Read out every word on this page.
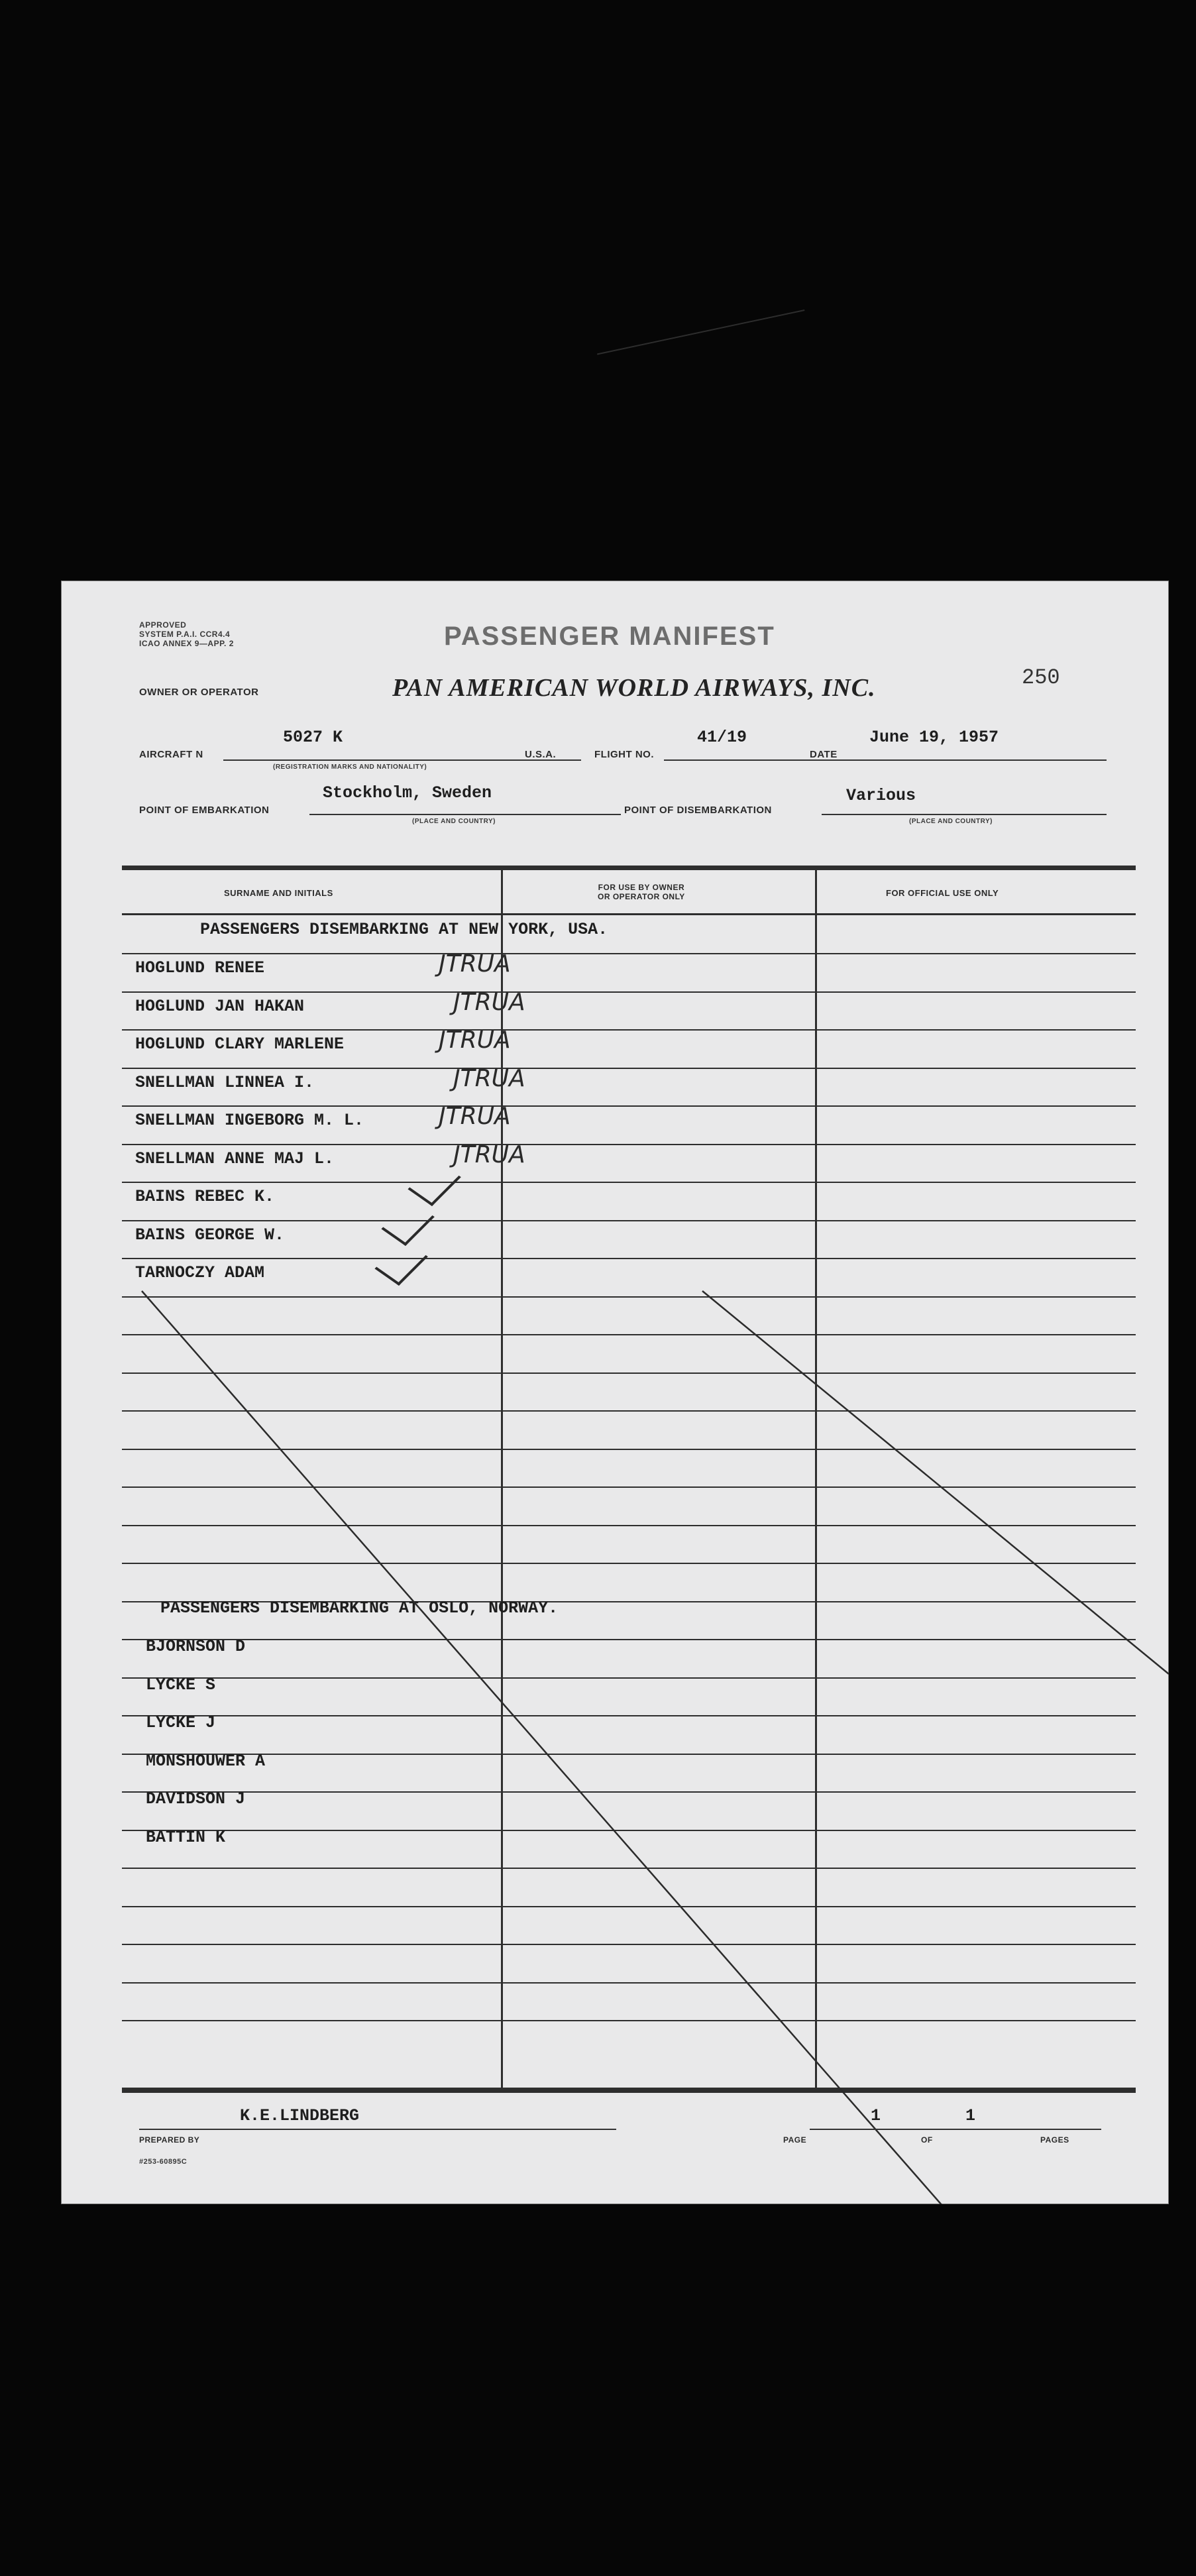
APPROVED
SYSTEM P.A.I. CCR4.4
ICAO ANNEX 9—APP. 2	PASSENGER MANIFEST
OWNER OR OPERATOR	PAN AMERICAN WORLD AIRWAYS, INC.	250
AIRCRAFT N
5027 K
(REGISTRATION MARKS AND NATIONALITY)
U.S.A.	FLIGHT NO.
41/19
DATE
June 19, 1957
POINT OF EMBARKATION
Stockholm, Sweden
(PLACE AND COUNTRY)
POINT OF DISEMBARKATION
Various
(PLACE AND COUNTRY)
SURNAME AND INITIALS
FOR USE BY OWNER
OR OPERATOR ONLY	FOR OFFICIAL USE ONLY
PASSENGERS DISEMBARKING AT NEW YORK, USA.
HOGLUND RENEE	JTRUA
HOGLUND JAN HAKAN	JTRUA
HOGLUND CLARY MARLENE	JTRUA
SNELLMAN LINNEA I.	JTRUA
SNELLMAN INGEBORG M. L.	JTRUA
SNELLMAN ANNE MAJ L.	JTRUA
BAINS REBEC K.
BAINS GEORGE W.
TARNOCZY ADAM
PASSENGERS DISEMBARKING AT OSLO, NORWAY.
BJORNSON D
LYCKE S
LYCKE J
MONSHOUWER A
DAVIDSON J
BATTIN K
K.E.LINDBERG
PREPARED BY
#253-60895C
PAGE
1
OF
1
PAGES
